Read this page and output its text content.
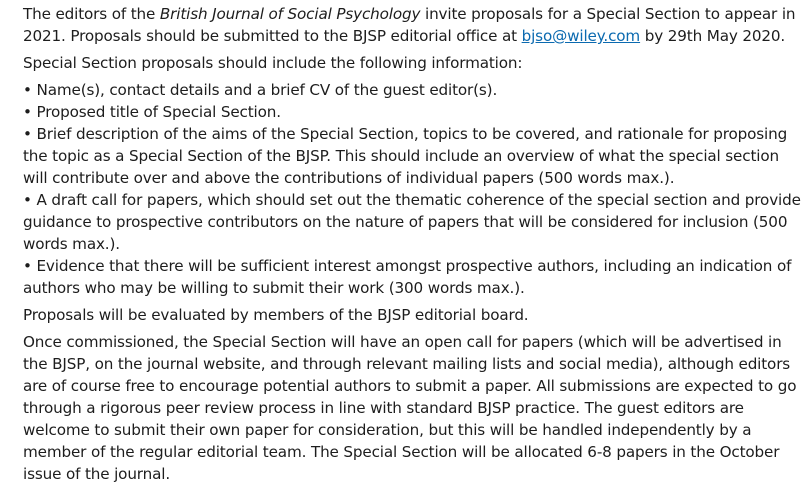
The editors of the British Journal of Social Psychology invite proposals for a Special Section to appear in 2021. Proposals should be submitted to the BJSP editorial office at bjso@wiley.com by 29th May 2020.

Special Section proposals should include the following information:

• Name(s), contact details and a brief CV of the guest editor(s).
• Proposed title of Special Section.
• Brief description of the aims of the Special Section, topics to be covered, and rationale for proposing the topic as a Special Section of the BJSP. This should include an overview of what the special section will contribute over and above the contributions of individual papers (500 words max.).
• A draft call for papers, which should set out the thematic coherence of the special section and provide guidance to prospective contributors on the nature of papers that will be considered for inclusion (500 words max.).
• Evidence that there will be sufficient interest amongst prospective authors, including an indication of authors who may be willing to submit their work (300 words max.).

Proposals will be evaluated by members of the BJSP editorial board.

Once commissioned, the Special Section will have an open call for papers (which will be advertised in the BJSP, on the journal website, and through relevant mailing lists and social media), although editors are of course free to encourage potential authors to submit a paper. All submissions are expected to go through a rigorous peer review process in line with standard BJSP practice. The guest editors are welcome to submit their own paper for consideration, but this will be handled independently by a member of the regular editorial team. The Special Section will be allocated 6-8 papers in the October issue of the journal.
